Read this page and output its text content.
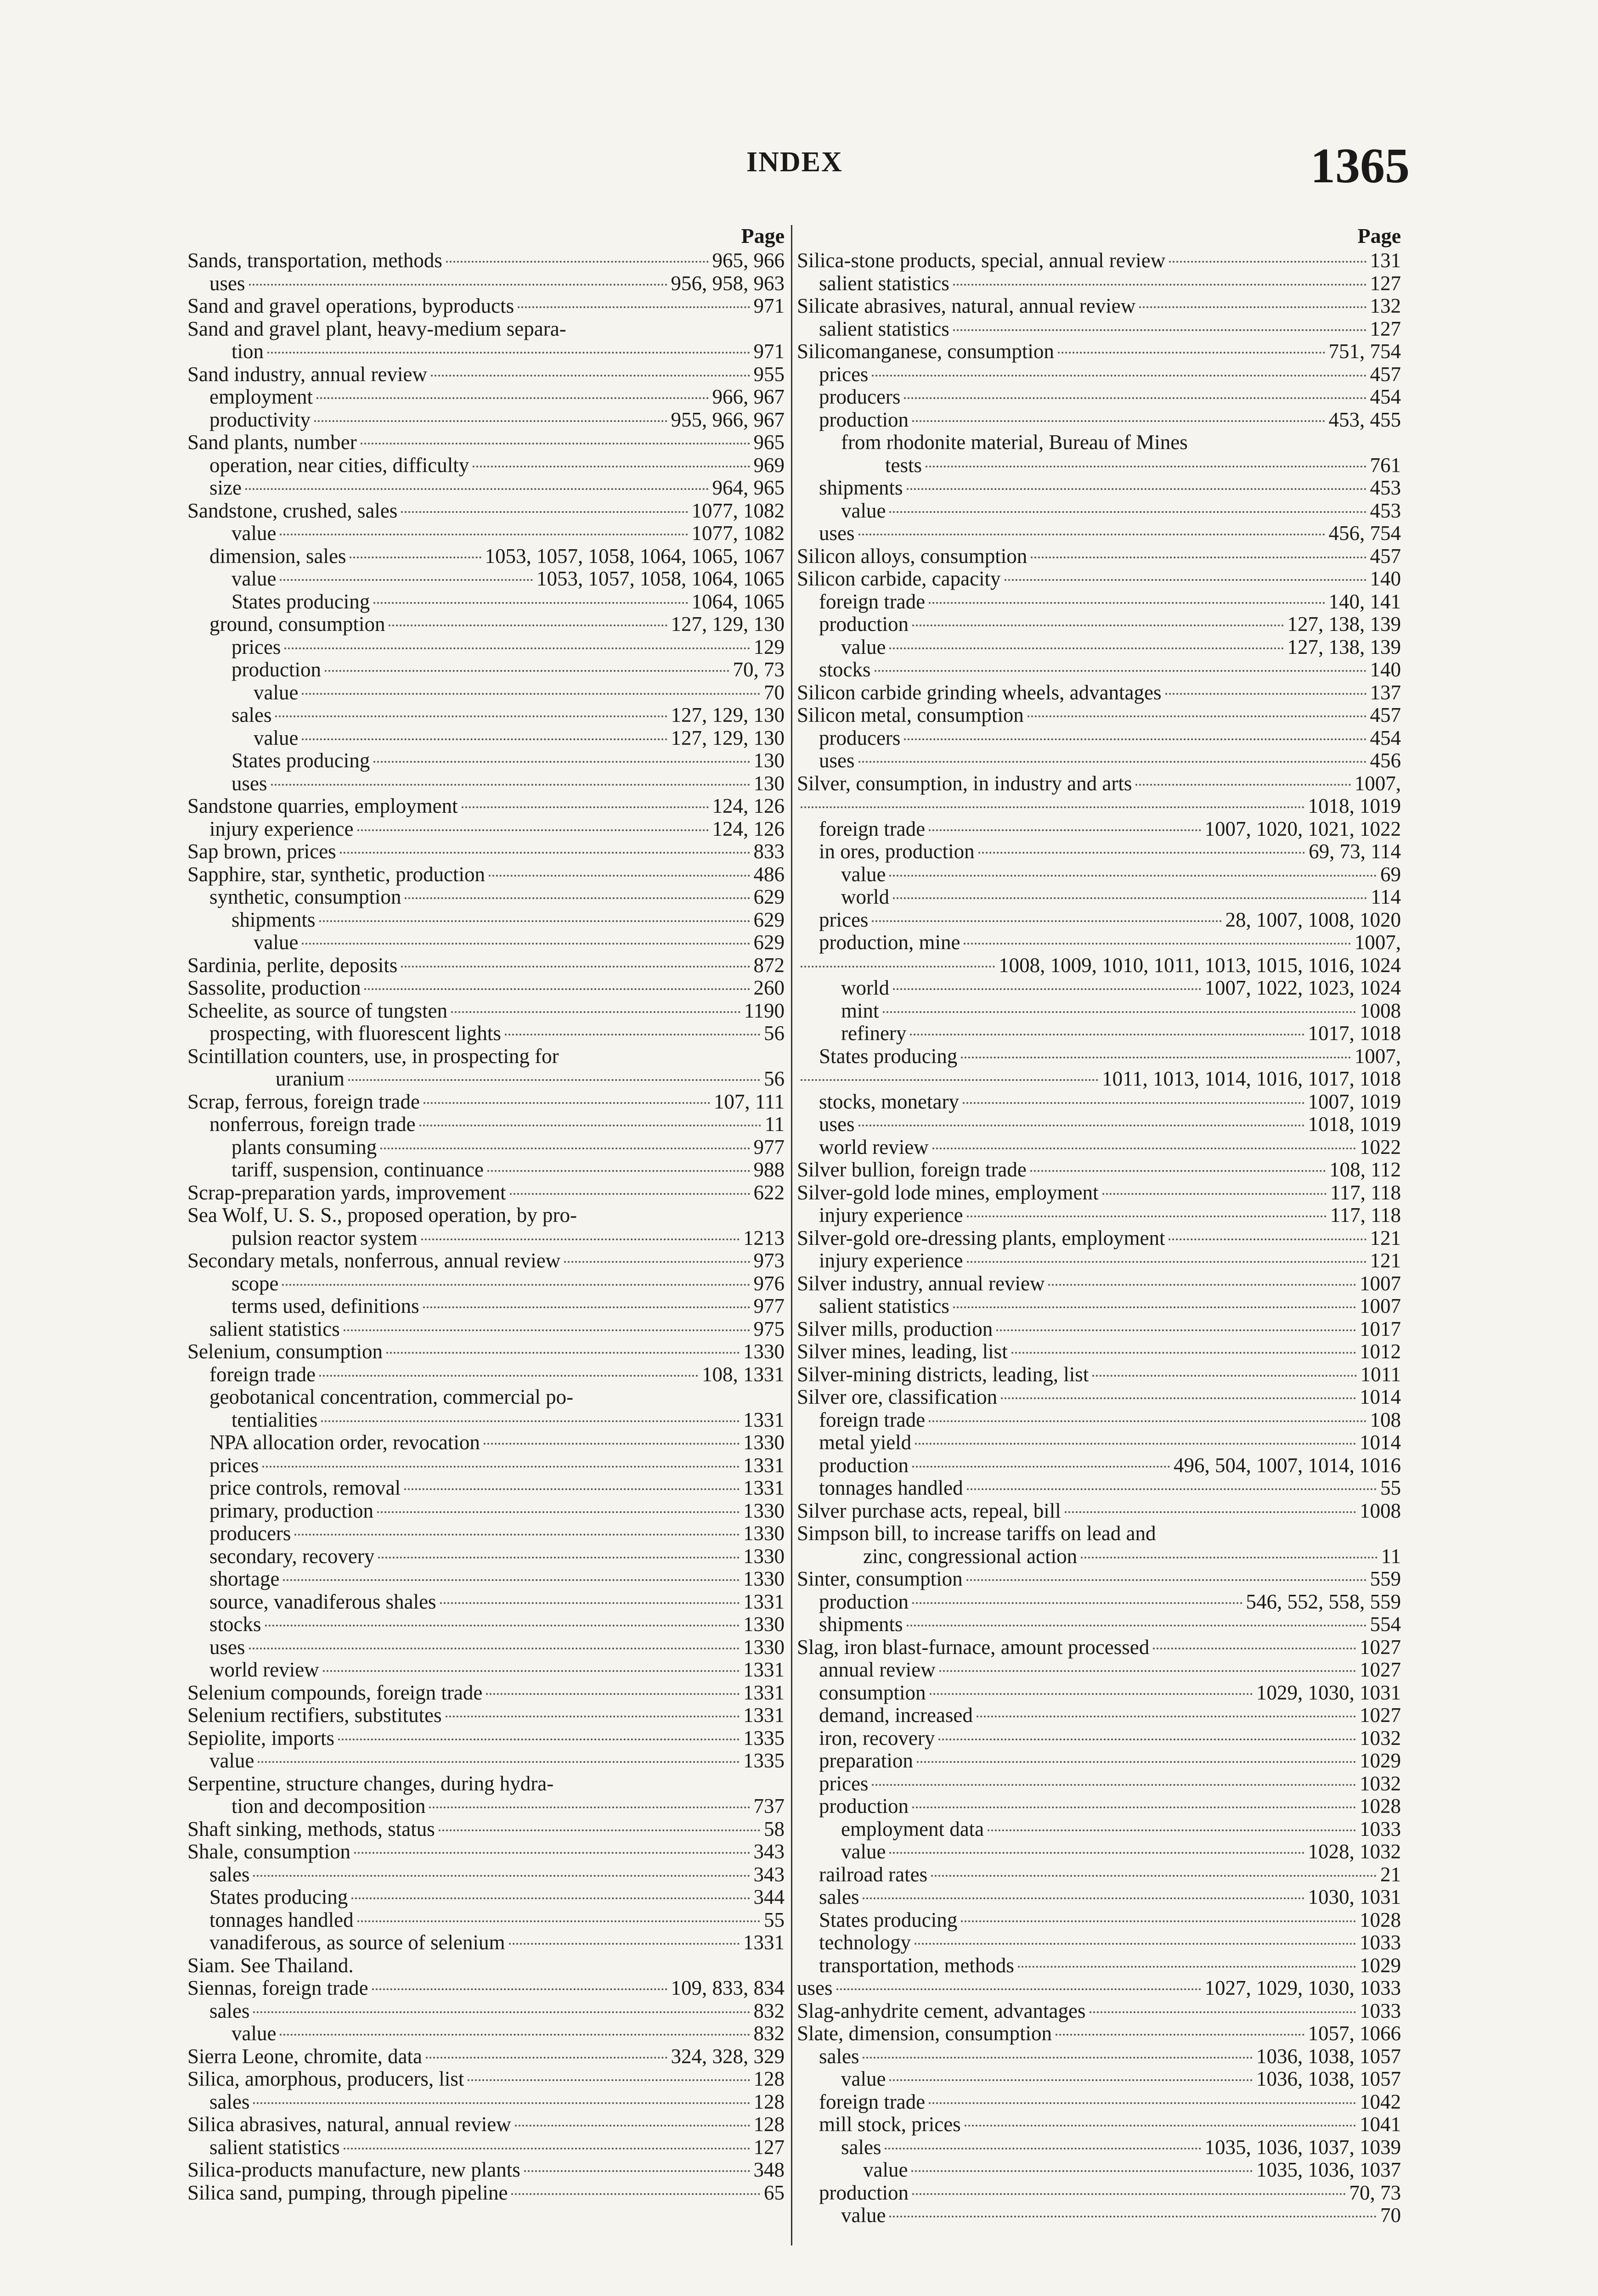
INDEX	1365
Page
Sands, transportation, methods	965, 966
uses	956, 958, 963
Sand and gravel operations, byproducts	971
Sand and gravel plant, heavy-medium separa-
tion	971
Sand industry, annual review	955
employment	966, 967
productivity	955, 966, 967
Sand plants, number	965
operation, near cities, difficulty	969
size	964, 965
Sandstone, crushed, sales	1077, 1082
value	1077, 1082
dimension, sales	1053, 1057, 1058, 1064, 1065, 1067
value	1053, 1057, 1058, 1064, 1065
States producing	1064, 1065
ground, consumption	127, 129, 130
prices	129
production	70, 73
value	70
sales	127, 129, 130
value	127, 129, 130
States producing	130
uses	130
Sandstone quarries, employment	124, 126
injury experience	124, 126
Sap brown, prices	833
Sapphire, star, synthetic, production	486
synthetic, consumption	629
shipments	629
value	629
Sardinia, perlite, deposits	872
Sassolite, production	260
Scheelite, as source of tungsten	1190
prospecting, with fluorescent lights	56
Scintillation counters, use, in prospecting for
uranium	56
Scrap, ferrous, foreign trade	107, 111
nonferrous, foreign trade	11
plants consuming	977
tariff, suspension, continuance	988
Scrap-preparation yards, improvement	622
Sea Wolf, U. S. S., proposed operation, by pro-
pulsion reactor system	1213
Secondary metals, nonferrous, annual review	973
scope	976
terms used, definitions	977
salient statistics	975
Selenium, consumption	1330
foreign trade	108, 1331
geobotanical concentration, commercial po-
tentialities	1331
NPA allocation order, revocation	1330
prices	1331
price controls, removal	1331
primary, production	1330
producers	1330
secondary, recovery	1330
shortage	1330
source, vanadiferous shales	1331
stocks	1330
uses	1330
world review	1331
Selenium compounds, foreign trade	1331
Selenium rectifiers, substitutes	1331
Sepiolite, imports	1335
value	1335
Serpentine, structure changes, during hydra-
tion and decomposition	737
Shaft sinking, methods, status	58
Shale, consumption	343
sales	343
States producing	344
tonnages handled	55
vanadiferous, as source of selenium	1331
Siam. See Thailand.
Siennas, foreign trade	109, 833, 834
sales	832
value	832
Sierra Leone, chromite, data	324, 328, 329
Silica, amorphous, producers, list	128
sales	128
Silica abrasives, natural, annual review	128
salient statistics	127
Silica-products manufacture, new plants	348
Silica sand, pumping, through pipeline	65
Page
Silica-stone products, special, annual review	131
salient statistics	127
Silicate abrasives, natural, annual review	132
salient statistics	127
Silicomanganese, consumption	751, 754
prices	457
producers	454
production	453, 455
from rhodonite material, Bureau of Mines
tests	761
shipments	453
value	453
uses	456, 754
Silicon alloys, consumption	457
Silicon carbide, capacity	140
foreign trade	140, 141
production	127, 138, 139
value	127, 138, 139
stocks	140
Silicon carbide grinding wheels, advantages	137
Silicon metal, consumption	457
producers	454
uses	456
Silver, consumption, in industry and arts	1007,
1018, 1019
foreign trade	1007, 1020, 1021, 1022
in ores, production	69, 73, 114
value	69
world	114
prices	28, 1007, 1008, 1020
production, mine	1007,
1008, 1009, 1010, 1011, 1013, 1015, 1016, 1024
world	1007, 1022, 1023, 1024
mint	1008
refinery	1017, 1018
States producing	1007,
1011, 1013, 1014, 1016, 1017, 1018
stocks, monetary	1007, 1019
uses	1018, 1019
world review	1022
Silver bullion, foreign trade	108, 112
Silver-gold lode mines, employment	117, 118
injury experience	117, 118
Silver-gold ore-dressing plants, employment	121
injury experience	121
Silver industry, annual review	1007
salient statistics	1007
Silver mills, production	1017
Silver mines, leading, list	1012
Silver-mining districts, leading, list	1011
Silver ore, classification	1014
foreign trade	108
metal yield	1014
production	496, 504, 1007, 1014, 1016
tonnages handled	55
Silver purchase acts, repeal, bill	1008
Simpson bill, to increase tariffs on lead and
zinc, congressional action	11
Sinter, consumption	559
production	546, 552, 558, 559
shipments	554
Slag, iron blast-furnace, amount processed	1027
annual review	1027
consumption	1029, 1030, 1031
demand, increased	1027
iron, recovery	1032
preparation	1029
prices	1032
production	1028
employment data	1033
value	1028, 1032
railroad rates	21
sales	1030, 1031
States producing	1028
technology	1033
transportation, methods	1029
uses	1027, 1029, 1030, 1033
Slag-anhydrite cement, advantages	1033
Slate, dimension, consumption	1057, 1066
sales	1036, 1038, 1057
value	1036, 1038, 1057
foreign trade	1042
mill stock, prices	1041
sales	1035, 1036, 1037, 1039
value	1035, 1036, 1037
production	70, 73
value	70
